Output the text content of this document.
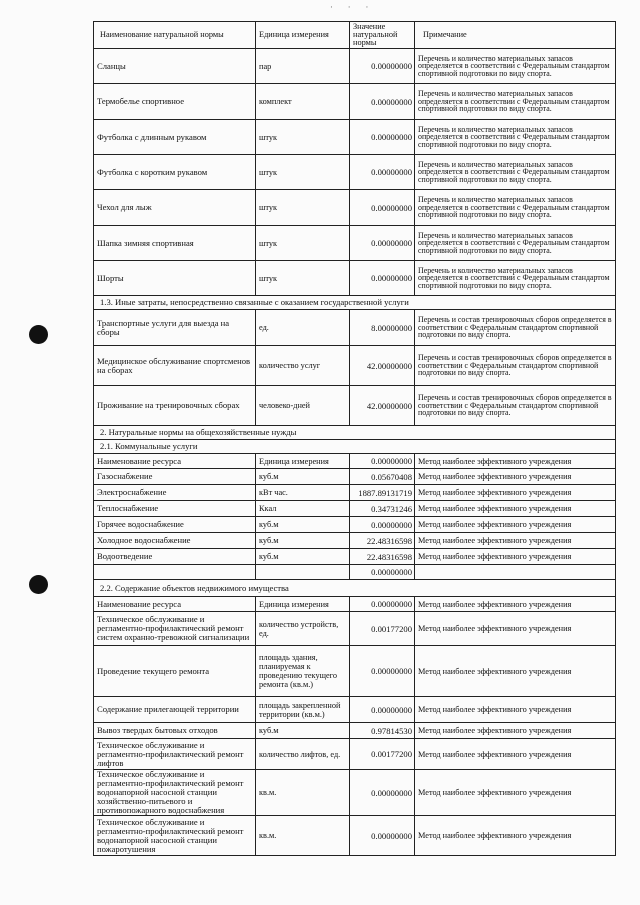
· · ·
Наименование натуральной нормы	Единица измерения	Значение натуральной нормы	Примечание
Сланцы	пар	0.00000000	Перечень и количество материальных запасов определяется в соответствии с Федеральным стандартом спортивной подготовки по виду спорта.
Термобелье спортивное	комплект	0.00000000	Перечень и количество материальных запасов определяется в соответствии с Федеральным стандартом спортивной подготовки по виду спорта.
Футболка с длинным рукавом	штук	0.00000000	Перечень и количество материальных запасов определяется в соответствии с Федеральным стандартом спортивной подготовки по виду спорта.
Футболка с коротким рукавом	штук	0.00000000	Перечень и количество материальных запасов определяется в соответствии с Федеральным стандартом спортивной подготовки по виду спорта.
Чехол для лыж	штук	0.00000000	Перечень и количество материальных запасов определяется в соответствии с Федеральным стандартом спортивной подготовки по виду спорта.
Шапка зимняя спортивная	штук	0.00000000	Перечень и количество материальных запасов определяется в соответствии с Федеральным стандартом спортивной подготовки по виду спорта.
Шорты	штук	0.00000000	Перечень и количество материальных запасов определяется в соответствии с Федеральным стандартом спортивной подготовки по виду спорта.
1.3. Иные затраты, непосредственно связанные с оказанием государственной услуги			
Транспортные услуги для выезда на сборы	ед.	8.00000000	Перечень и состав тренировочных сборов определяется в соответствии с Федеральным стандартом спортивной подготовки по виду спорта.
Медицинское обслуживание спортсменов на сборах	количество услуг	42.00000000	Перечень и состав тренировочных сборов определяется в соответствии с Федеральным стандартом спортивной подготовки по виду спорта.
Проживание на тренировочных сборах	человеко-дней	42.00000000	Перечень и состав тренировочных сборов определяется в соответствии с Федеральным стандартом спортивной подготовки по виду спорта.
2. Натуральные нормы на общехозяйственные нужды			
2.1. Коммунальные услуги			
Наименование ресурса	Единица измерения	0.00000000	Метод наиболее эффективного учреждения
Газоснабжение	куб.м	0.05670408	Метод наиболее эффективного учреждения
Электроснабжение	кВт час.	1887.89131719	Метод наиболее эффективного учреждения
Теплоснабжение	Ккал	0.34731246	Метод наиболее эффективного учреждения
Горячее водоснабжение	куб.м	0.00000000	Метод наиболее эффективного учреждения
Холодное водоснабжение	куб.м	22.48316598	Метод наиболее эффективного учреждения
Водоотведение	куб.м	22.48316598	Метод наиболее эффективного учреждения
		0.00000000	
2.2. Содержание объектов недвижимого имущества			
Наименование ресурса	Единица измерения	0.00000000	Метод наиболее эффективного учреждения
Техническое обслуживание и регламентно-профилактический ремонт систем охранно-тревожной сигнализации	количество устройств, ед.	0.00177200	Метод наиболее эффективного учреждения
Проведение текущего ремонта	площадь здания, планируемая к проведению текущего ремонта (кв.м.)	0.00000000	Метод наиболее эффективного учреждения
Содержание прилегающей территории	площадь закрепленной территории (кв.м.)	0.00000000	Метод наиболее эффективного учреждения
Вывоз твердых бытовых отходов	куб.м	0.97814530	Метод наиболее эффективного учреждения
Техническое обслуживание и регламентно-профилактический ремонт лифтов	количество лифтов, ед.	0.00177200	Метод наиболее эффективного учреждения
Техническое обслуживание и регламентно-профилактический ремонт водонапорной насосной станции хозяйственно-питьевого и противопожарного водоснабжения	кв.м.	0.00000000	Метод наиболее эффективного учреждения
Техническое обслуживание и регламентно-профилактический ремонт водонапорной насосной станции пожаротушения	кв.м.	0.00000000	Метод наиболее эффективного учреждения
